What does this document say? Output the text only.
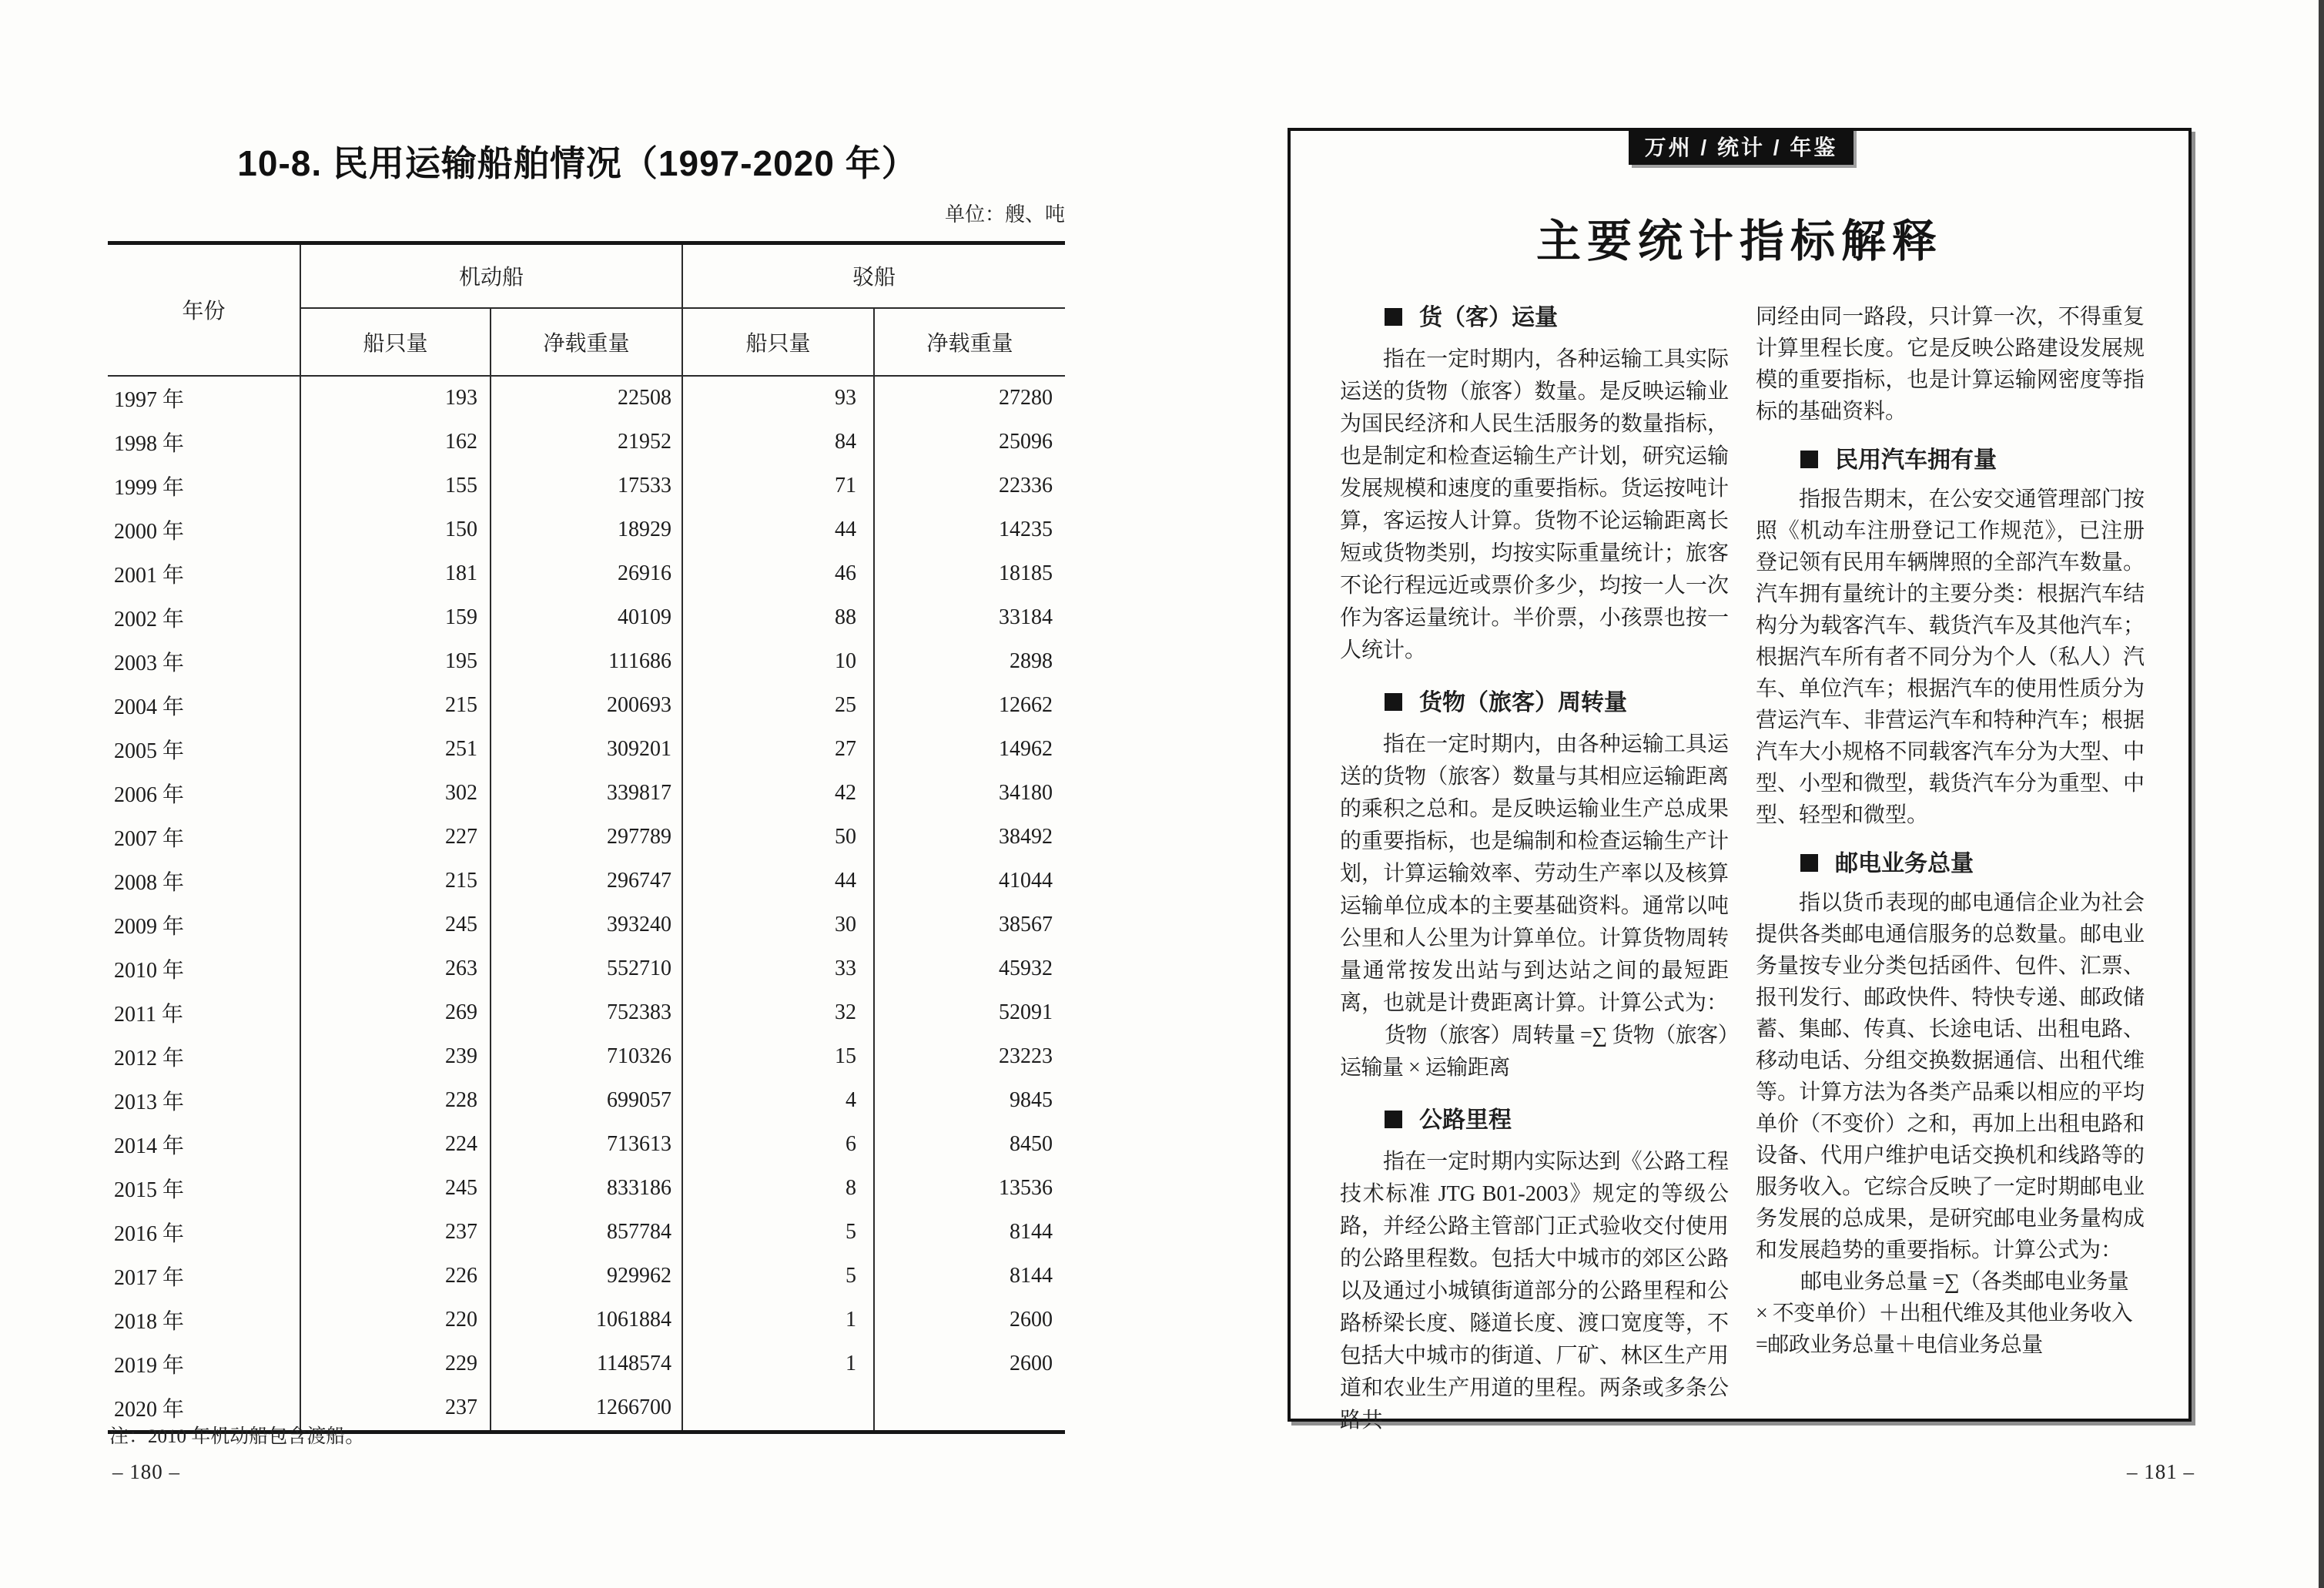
10-8. 民用运输船舶情况（1997-2020 年）
单位：艘、吨
年份	机动船		驳船	
	船只量	净载重量	船只量	净载重量
1997 年	193	22508	93	27280
1998 年	162	21952	84	25096
1999 年	155	17533	71	22336
2000 年	150	18929	44	14235
2001 年	181	26916	46	18185
2002 年	159	40109	88	33184
2003 年	195	111686	10	2898
2004 年	215	200693	25	12662
2005 年	251	309201	27	14962
2006 年	302	339817	42	34180
2007 年	227	297789	50	38492
2008 年	215	296747	44	41044
2009 年	245	393240	30	38567
2010 年	263	552710	33	45932
2011 年	269	752383	32	52091
2012 年	239	710326	15	23223
2013 年	228	699057	4	9845
2014 年	224	713613	6	8450
2015 年	245	833186	8	13536
2016 年	237	857784	5	8144
2017 年	226	929962	5	8144
2018 年	220	1061884	1	2600
2019 年	229	1148574	1	2600
2020 年	237	1266700		
注：2010 年机动船包含渡船。
– 180 –
万州 / 统计 / 年鉴
主要统计指标解释
货（客）运量

指在一定时期内，各种运输工具实际运送的货物（旅客）数量。是反映运输业为国民经济和人民生活服务的数量指标，也是制定和检查运输生产计划，研究运输发展规模和速度的重要指标。货运按吨计算，客运按人计算。货物不论运输距离长短或货物类别，均按实际重量统计；旅客不论行程远近或票价多少，均按一人一次作为客运量统计。半价票，小孩票也按一人统计。

货物（旅客）周转量

指在一定时期内，由各种运输工具运送的货物（旅客）数量与其相应运输距离的乘积之总和。是反映运输业生产总成果的重要指标，也是编制和检查运输生产计划，计算运输效率、劳动生产率以及核算运输单位成本的主要基础资料。通常以吨公里和人公里为计算单位。计算货物周转量通常按发出站与到达站之间的最短距离，也就是计费距离计算。计算公式为：

货物（旅客）周转量 =∑ 货物（旅客）
运输量 × 运输距离
公路里程

指在一定时期内实际达到《公路工程技术标准 JTG B01-2003》规定的等级公路，并经公路主管部门正式验收交付使用的公路里程数。包括大中城市的郊区公路以及通过小城镇街道部分的公路里程和公路桥梁长度、隧道长度、渡口宽度等，不包括大中城市的街道、厂矿、林区生产用道和农业生产用道的里程。两条或多条公路共

同经由同一路段，只计算一次，不得重复计算里程长度。它是反映公路建设发展规模的重要指标，也是计算运输网密度等指标的基础资料。

民用汽车拥有量

指报告期末，在公安交通管理部门按照《机动车注册登记工作规范》，已注册登记领有民用车辆牌照的全部汽车数量。汽车拥有量统计的主要分类：根据汽车结构分为载客汽车、载货汽车及其他汽车；根据汽车所有者不同分为个人（私人）汽车、单位汽车；根据汽车的使用性质分为营运汽车、非营运汽车和特种汽车；根据汽车大小规格不同载客汽车分为大型、中型、小型和微型，载货汽车分为重型、中型、轻型和微型。

邮电业务总量

指以货币表现的邮电通信企业为社会提供各类邮电通信服务的总数量。邮电业务量按专业分类包括函件、包件、汇票、报刊发行、邮政快件、特快专递、邮政储蓄、集邮、传真、长途电话、出租电路、移动电话、分组交换数据通信、出租代维等。计算方法为各类产品乘以相应的平均单价（不变价）之和，再加上出租电路和设备、代用户维护电话交换机和线路等的服务收入。它综合反映了一定时期邮电业务发展的总成果，是研究邮电业务量构成和发展趋势的重要指标。计算公式为：

邮电业务总量 =∑（各类邮电业务量
× 不变单价）＋出租代维及其他业务收入
=邮政业务总量＋电信业务总量
– 181 –
